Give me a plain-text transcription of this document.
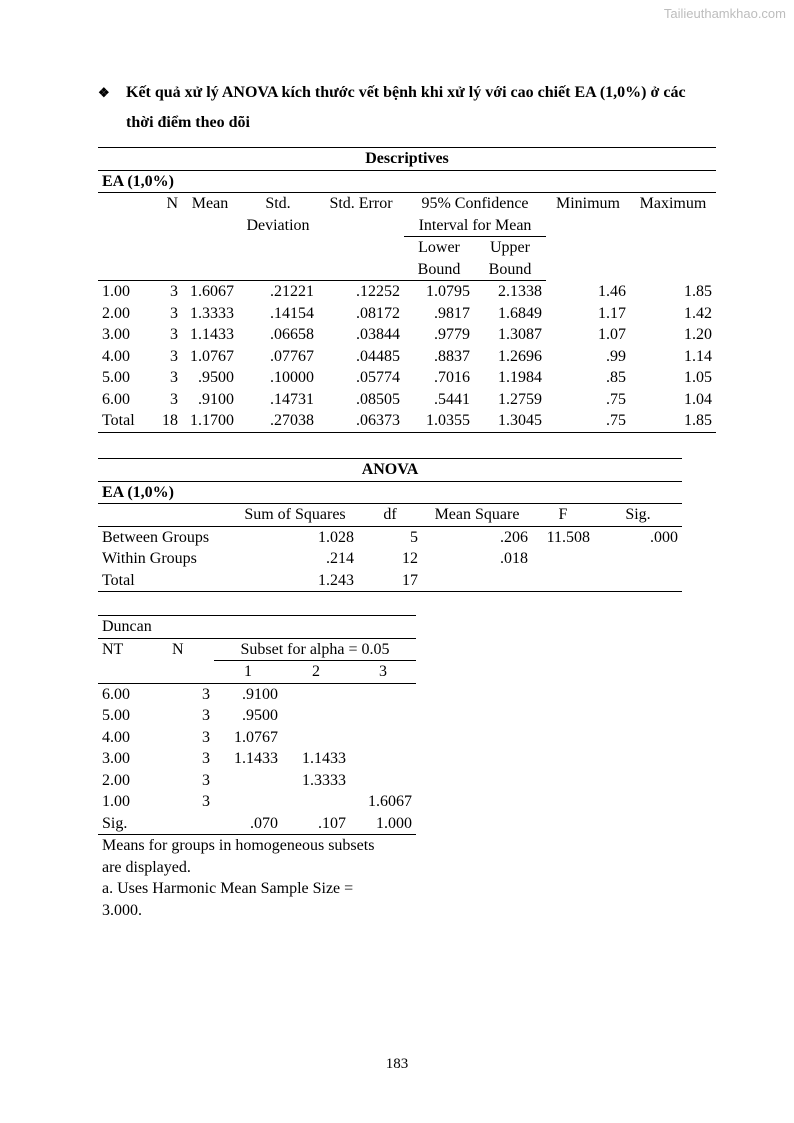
Tailieuthamkhao.com
❖ Kết quả xử lý ANOVA kích thước vết bệnh khi xử lý với cao chiết EA (1,0%) ở các
thời điểm theo dõi
Descriptives								
EA (1,0%)								
	N	Mean	Std.	Std. Error	95% Confidence		Minimum	Maximum
			Deviation		Interval for Mean			
					Lower	Upper		
					Bound	Bound		
1.00	3	1.6067	.21221	.12252	1.0795	2.1338	1.46	1.85
2.00	3	1.3333	.14154	.08172	.9817	1.6849	1.17	1.42
3.00	3	1.1433	.06658	.03844	.9779	1.3087	1.07	1.20
4.00	3	1.0767	.07767	.04485	.8837	1.2696	.99	1.14
5.00	3	.9500	.10000	.05774	.7016	1.1984	.85	1.05
6.00	3	.9100	.14731	.08505	.5441	1.2759	.75	1.04
Total	18	1.1700	.27038	.06373	1.0355	1.3045	.75	1.85
ANOVA					
EA (1,0%)					
	Sum of Squares	df	Mean Square	F	Sig.
Between Groups	1.028	5	.206	11.508	.000
Within Groups	.214	12	.018		
Total	1.243	17			
Duncan				
NT	N	Subset for alpha = 0.05		
		1	2	3
6.00	3	.9100		
5.00	3	.9500		
4.00	3	1.0767		
3.00	3	1.1433	1.1433	
2.00	3		1.3333	
1.00	3			1.6067
Sig.		.070	.107	1.000

Means for groups in homogeneous subsets
are displayed.
a. Uses Harmonic Mean Sample Size =
3.000.				
183
